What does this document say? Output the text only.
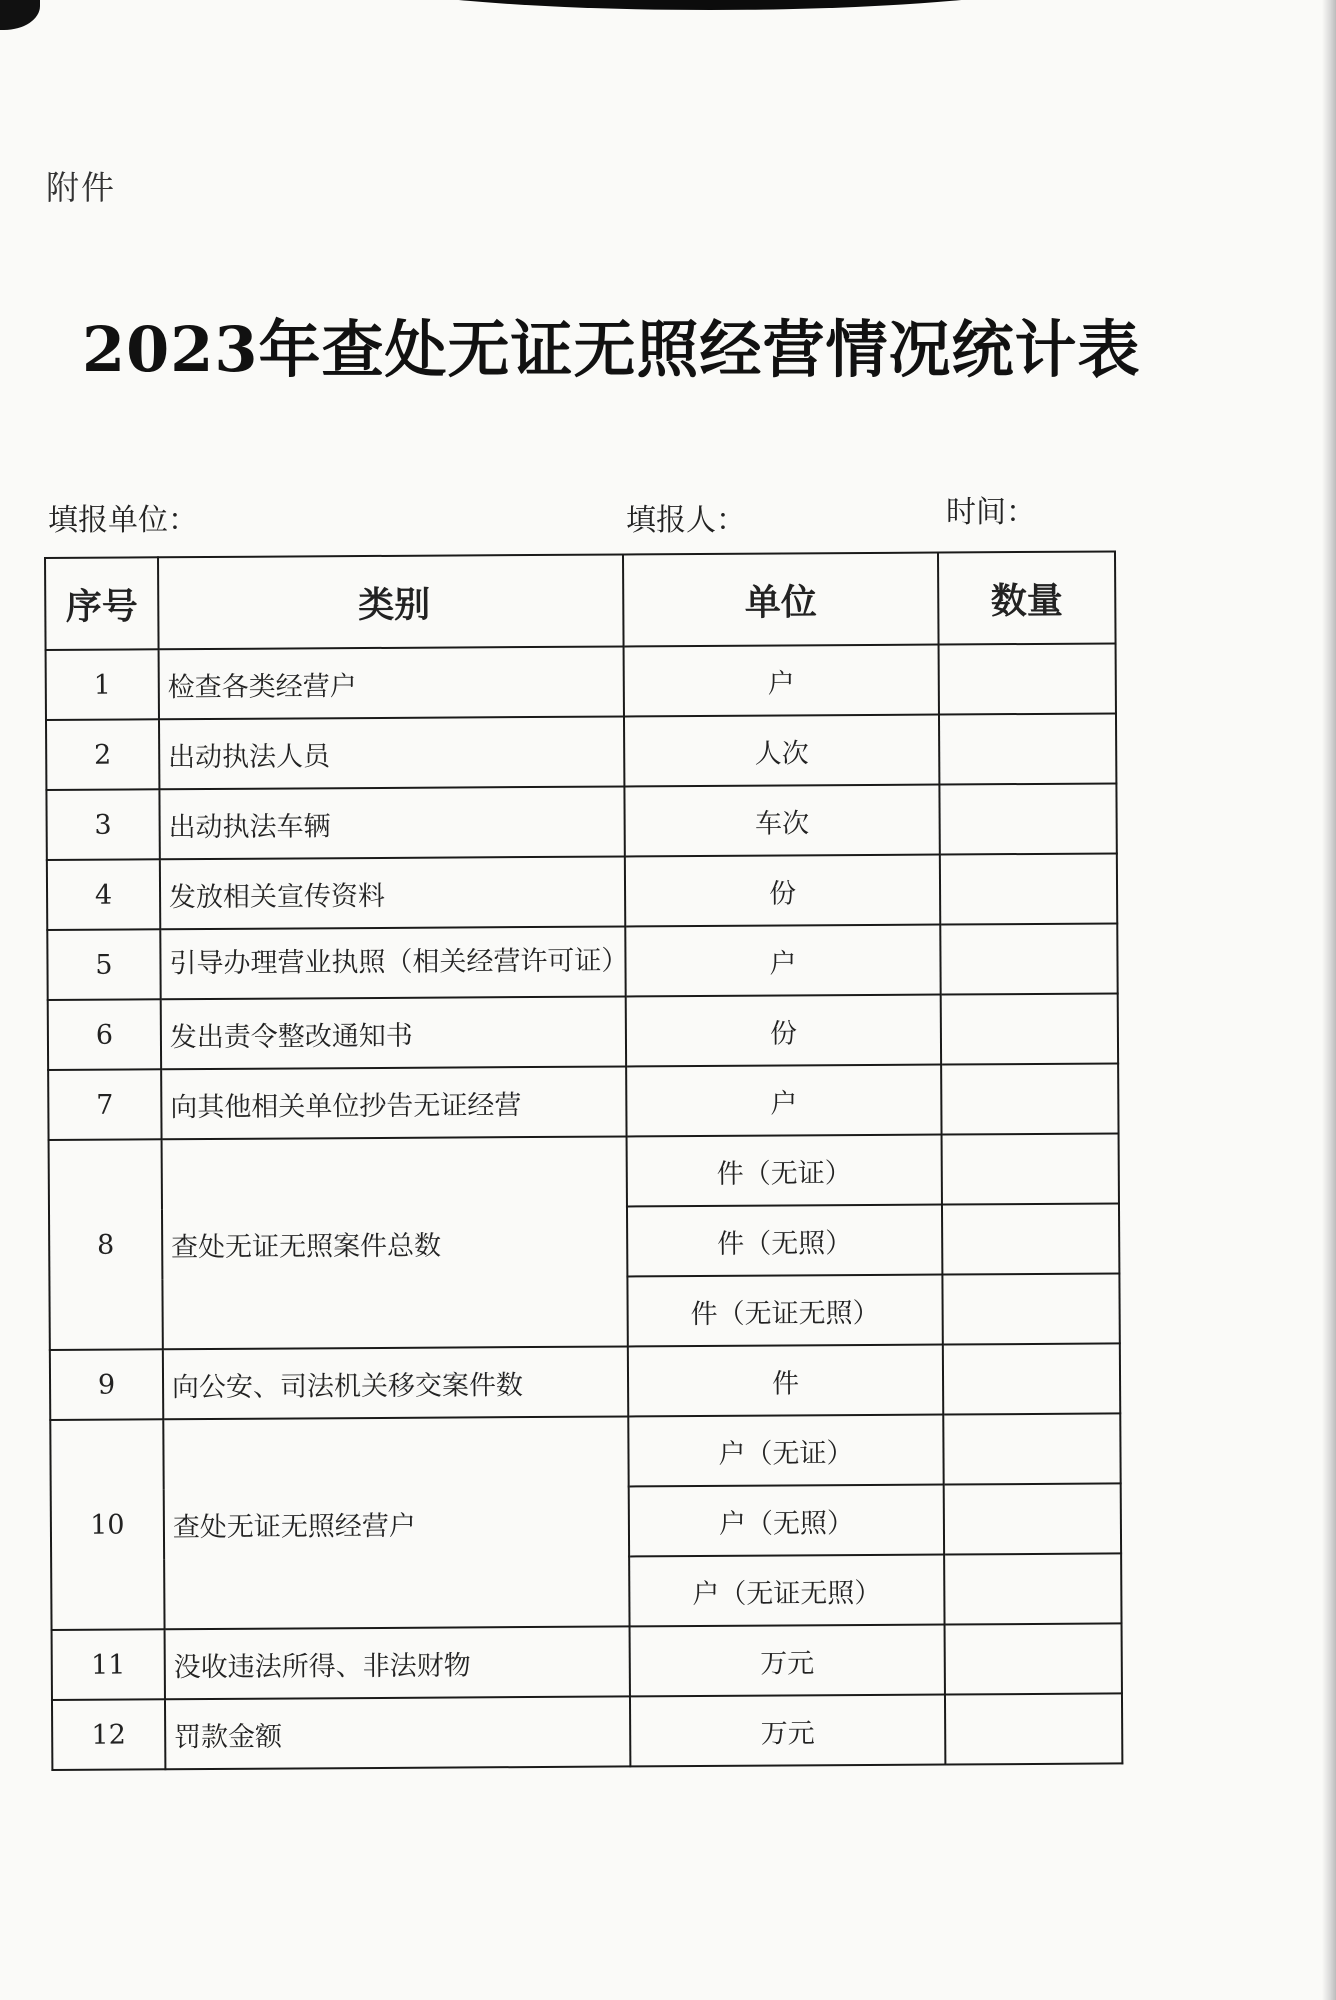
附件
2023年查处无证无照经营情况统计表
填报单位：	填报人：	时间：
序号	类别	单位	数量
1	检查各类经营户	户	
2	出动执法人员	人次	
3	出动执法车辆	车次	
4	发放相关宣传资料	份	
5	引导办理营业执照（相关经营许可证）	户	
6	发出责令整改通知书	份	
7	向其他相关单位抄告无证经营	户	
8	查处无证无照案件总数	件（无证）	
		件（无照）	
		件（无证无照）	
9	向公安、司法机关移交案件数	件	
10	查处无证无照经营户	户（无证）	
		户（无照）	
		户（无证无照）	
11	没收违法所得、非法财物	万元	
12	罚款金额	万元	
